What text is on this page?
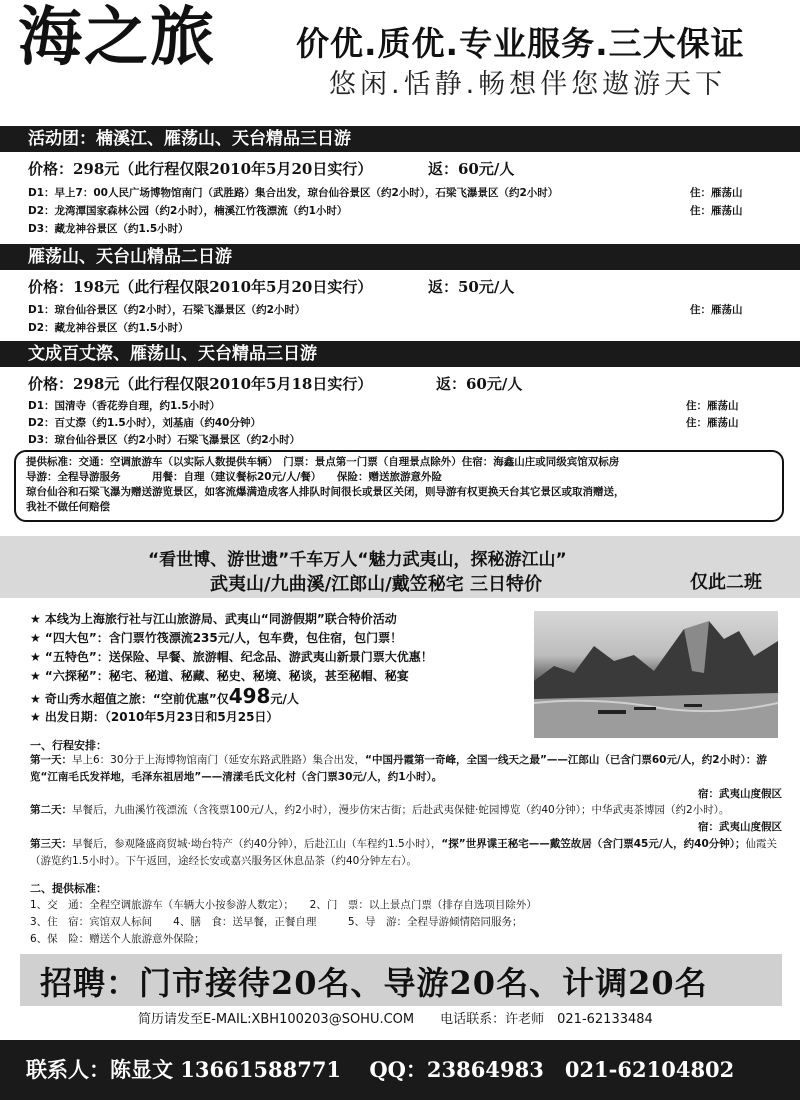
海之旅 价优.质优.专业服务.三大保证
悠闲.恬静.畅想伴您遨游天下
活动团：楠溪江、雁荡山、天台精品三日游
价格：298元（此行程仅限2010年5月20日实行）	返：60元/人
D1：早上7：00人民广场博物馆南门（武胜路）集合出发，琼台仙谷景区（约2小时），石梁飞瀑景区（约2小时）	住：雁荡山
D2：龙湾潭国家森林公园（约2小时），楠溪江竹筏漂流（约1小时）	住：雁荡山
D3：藏龙神谷景区（约1.5小时）
雁荡山、天台山精品二日游
价格：198元（此行程仅限2010年5月20日实行）	返：50元/人
D1：琼台仙谷景区（约2小时），石梁飞瀑景区（约2小时）	住：雁荡山
D2：藏龙神谷景区（约1.5小时）
文成百丈漈、雁荡山、天台精品三日游
价格：298元（此行程仅限2010年5月18日实行）	返：60元/人
D1：国清寺（香花券自理，约1.5小时）	住：雁荡山
D2：百丈漈（约1.5小时），刘基庙（约40分钟）	住：雁荡山
D3：琼台仙谷景区（约2小时）石梁飞瀑景区（约2小时）
提供标准：交通：空调旅游车（以实际人数提供车辆）　门票：景点第一门票（自理景点除外）住宿：海鑫山庄或同级宾馆双标房
导游：全程导游服务　　　用餐：自理（建议餐标20元/人/餐）　　保险：赠送旅游意外险
琼台仙谷和石梁飞瀑为赠送游览景区，如客流爆满造成客人排队时间很长或景区关闭，则导游有权更换天台其它景区或取消赠送，
我社不做任何赔偿
“看世博、游世遗”千车万人“魅力武夷山，探秘游江山”
武夷山/九曲溪/江郎山/戴笠秘宅 三日特价	仅此二班
★ 本线为上海旅行社与江山旅游局、武夷山“同游假期”联合特价活动
★ “四大包”：含门票竹筏漂流235元/人，包车费，包住宿，包门票！
★ “五特色”：送保险、早餐、旅游帽、纪念品、游武夷山新景门票大优惠！
★ “六探秘”：秘宅、秘道、秘藏、秘史、秘境、秘谈，甚至秘帽、秘宴
★ 奇山秀水超值之旅：“空前优惠”仅498元/人
★ 出发日期：（2010年5月23日和5月25日）
一、行程安排：
第一天：早上6：30分于上海博物馆南门（延安东路武胜路）集合出发，“中国丹霞第一奇峰，全国一线天之最”——江郎山（已含门票60元/人，约2小时）：游览“江南毛氏发祥地，毛泽东祖居地”——清漾毛氏文化村（含门票30元/人，约1小时）。
宿：武夷山度假区
第二天：早餐后，九曲溪竹筏漂流（含筏票100元/人，约2小时），漫步仿宋古街；后赴武夷保健·蛇园博览（约40分钟）；中华武夷茶博园（约2小时）。
宿：武夷山度假区
第三天：早餐后，参观隆盛商贸城·坳台特产（约40分钟），后赴江山（车程约1.5小时），“探”世界谍王秘宅——戴笠故居（含门票45元/人，约40分钟）；仙霞关（游览约1.5小时）。下午返回，途经长安或嘉兴服务区休息品茶（约40分钟左右）。
二、提供标准：
1、交　通：全程空调旅游车（车辆大小按参游人数定）；　　2、门　票：以上景点门票（排存自选项目除外）
3、住　宿：宾馆双人标间　　4、膳　食：送早餐，正餐自理　　　5、导　游：全程导游倾情陪同服务；
6、保　险：赠送个人旅游意外保险；
招聘：门市接待20名、导游20名、计调20名
简历请发至E-MAIL:XBH100203@SOHU.COM　　电话联系：许老师　021-62133484
联系人：陈显文 13661588771　 QQ：23864983　021-62104802
